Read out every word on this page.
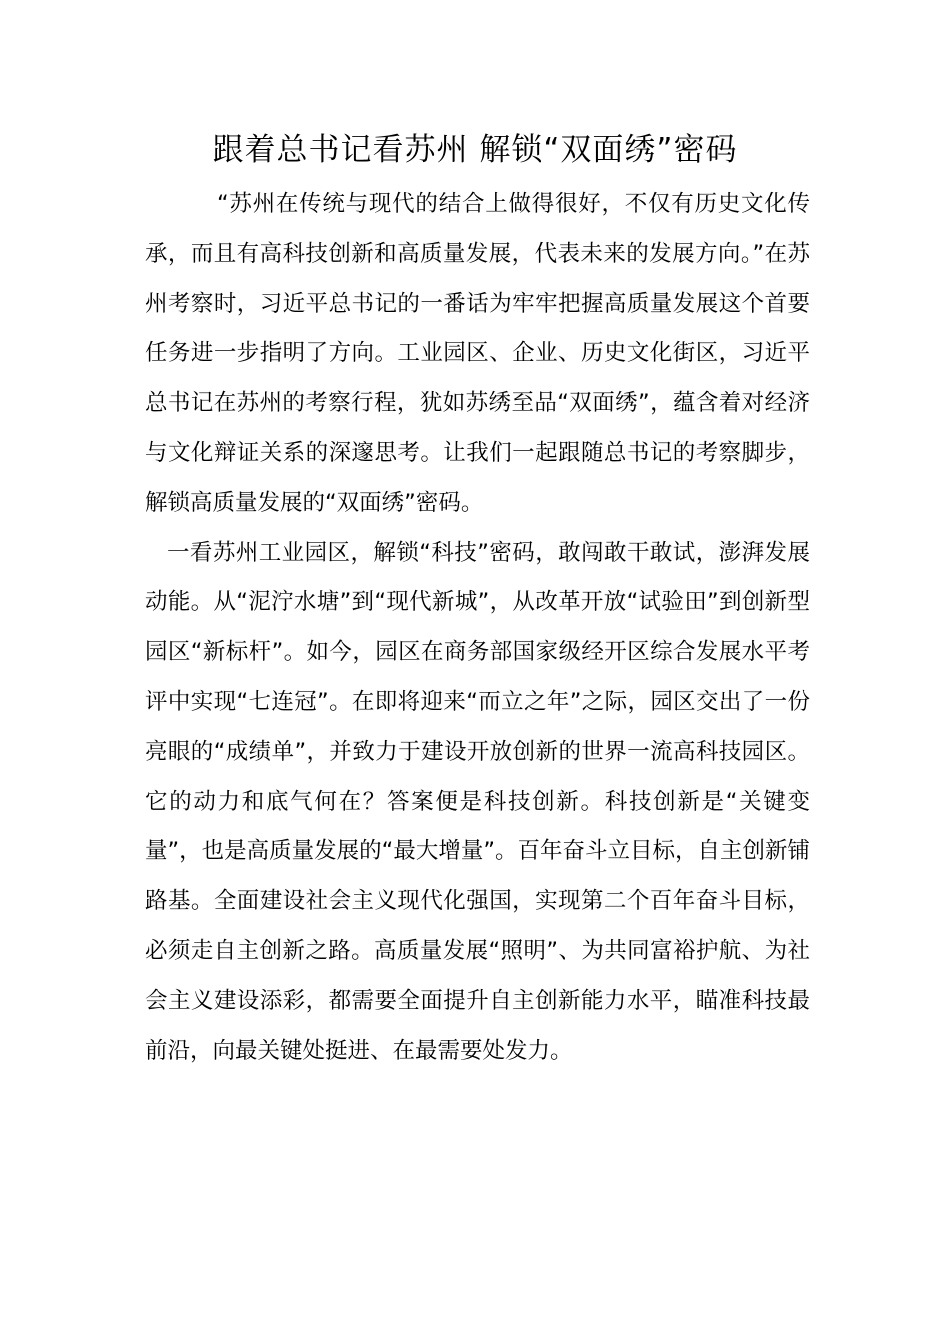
跟着总书记看苏州 解锁“双面绣”密码

“苏州在传统与现代的结合上做得很好，不仅有历史文化传承，而且有高科技创新和高质量发展，代表未来的发展方向。”在苏州考察时，习近平总书记的一番话为牢牢把握高质量发展这个首要任务进一步指明了方向。工业园区、企业、历史文化街区，习近平总书记在苏州的考察行程，犹如苏绣至品“双面绣”，蕴含着对经济与文化辩证关系的深邃思考。让我们一起跟随总书记的考察脚步，解锁高质量发展的“双面绣”密码。

一看苏州工业园区，解锁“科技”密码，敢闯敢干敢试，澎湃发展动能。从“泥泞水塘”到“现代新城”，从改革开放“试验田”到创新型园区“新标杆”。如今，园区在商务部国家级经开区综合发展水平考评中实现“七连冠”。在即将迎来“而立之年”之际，园区交出了一份亮眼的“成绩单”，并致力于建设开放创新的世界一流高科技园区。它的动力和底气何在？答案便是科技创新。科技创新是“关键变量”，也是高质量发展的“最大增量”。百年奋斗立目标，自主创新铺路基。全面建设社会主义现代化强国，实现第二个百年奋斗目标，必须走自主创新之路。高质量发展“照明”、为共同富裕护航、为社会主义建设添彩，都需要全面提升自主创新能力水平，瞄准科技最前沿，向最关键处挺进、在最需要处发力。
